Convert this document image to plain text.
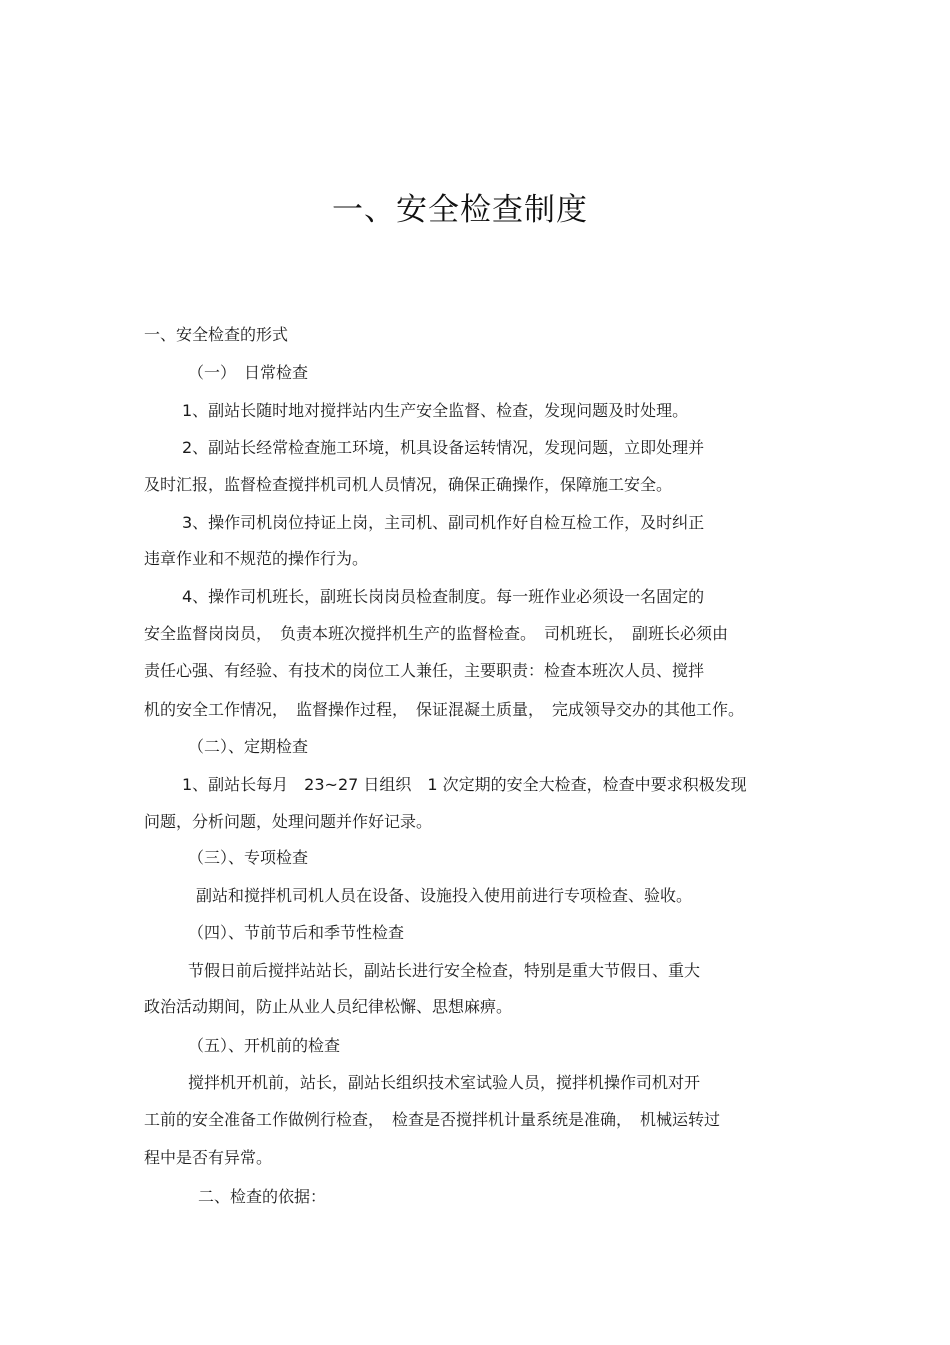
一、安全检查制度
一、安全检查的形式
（一）　日常检查
1、副站长随时地对搅拌站内生产安全监督、检查，发现问题及时处理。
2、副站长经常检查施工环境，机具设备运转情况，发现问题，立即处理并
及时汇报，监督检查搅拌机司机人员情况，确保正确操作，保障施工安全。
3、操作司机岗位持证上岗，主司机、副司机作好自检互检工作，及时纠正
违章作业和不规范的操作行为。
4、操作司机班长，副班长岗岗员检查制度。每一班作业必须设一名固定的
安全监督岗岗员，　负责本班次搅拌机生产的监督检查。　司机班长，　副班长必须由
责任心强、有经验、有技术的岗位工人兼任，主要职责：检查本班次人员、搅拌
机的安全工作情况，　监督操作过程，　保证混凝土质量，　完成领导交办的其他工作。
（二）、定期检查
1、副站长每月　23~27 日组织　1 次定期的安全大检查，检查中要求积极发现
问题，分析问题，处理问题并作好记录。
（三）、专项检查
副站和搅拌机司机人员在设备、设施投入使用前进行专项检查、验收。
（四）、节前节后和季节性检查
节假日前后搅拌站站长，副站长进行安全检查，特别是重大节假日、重大
政治活动期间，防止从业人员纪律松懈、思想麻痹。
（五）、开机前的检查
搅拌机开机前，站长，副站长组织技术室试验人员，搅拌机操作司机对开
工前的安全准备工作做例行检查，　检查是否搅拌机计量系统是准确，　机械运转过
程中是否有异常。
二、检查的依据：
